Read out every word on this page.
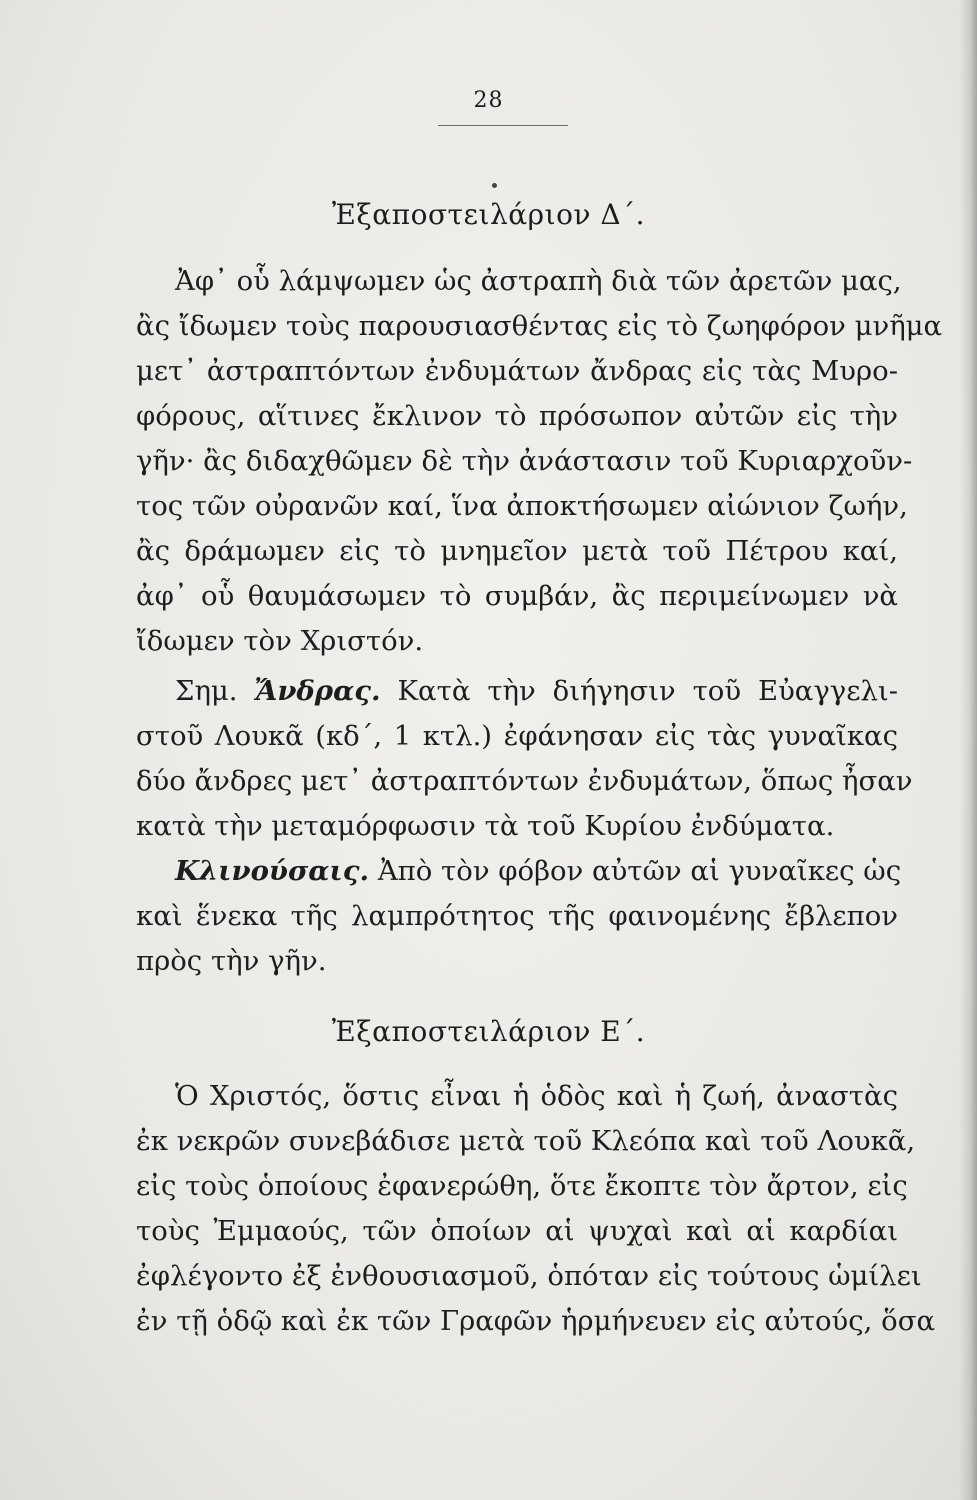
28
Ἐξαποστειλάριον Δ΄.
Ἀφ᾽ οὗ λάμψωμεν ὡς ἀστραπὴ διὰ τῶν ἀρετῶν μας,
ἂς ἴδωμεν τοὺς παρουσιασθέντας εἰς τὸ ζωηφόρον μνῆμα
μετ᾽ ἀστραπτόντων ἐνδυμάτων ἄνδρας εἰς τὰς Μυρο-
φόρους, αἵτινες ἔκλινον τὸ πρόσωπον αὐτῶν εἰς τὴν
γῆν· ἂς διδαχθῶμεν δὲ τὴν ἀνάστασιν τοῦ Κυριαρχοῦν-
τος τῶν οὐρανῶν καί, ἵνα ἀποκτήσωμεν αἰώνιον ζωήν,
ἂς δράμωμεν εἰς τὸ μνημεῖον μετὰ τοῦ Πέτρου καί,
ἀφ᾽ οὗ θαυμάσωμεν τὸ συμβάν, ἂς περιμείνωμεν νὰ
ἴδωμεν τὸν Χριστόν.
Σημ. Ἄνδρας. Κατὰ τὴν διήγησιν τοῦ Εὐαγγελι-
στοῦ Λουκᾶ (κδ΄, 1 κτλ.) ἐφάνησαν εἰς τὰς γυναῖκας
δύο ἄνδρες μετ᾽ ἀστραπτόντων ἐνδυμάτων, ὅπως ἦσαν
κατὰ τὴν μεταμόρφωσιν τὰ τοῦ Κυρίου ἐνδύματα.
Κλινούσαις. Ἀπὸ τὸν φόβον αὐτῶν αἱ γυναῖκες ὡς
καὶ ἕνεκα τῆς λαμπρότητος τῆς φαινομένης ἔβλεπον
πρὸς τὴν γῆν.
Ἐξαποστειλάριον Ε΄.
Ὁ Χριστός, ὅστις εἶναι ἡ ὁδὸς καὶ ἡ ζωή, ἀναστὰς
ἐκ νεκρῶν συνεβάδισε μετὰ τοῦ Κλεόπα καὶ τοῦ Λουκᾶ,
εἰς τοὺς ὁποίους ἐφανερώθη, ὅτε ἔκοπτε τὸν ἄρτον, εἰς
τοὺς Ἐμμαούς, τῶν ὁποίων αἱ ψυχαὶ καὶ αἱ καρδίαι
ἐφλέγοντο ἐξ ἐνθουσιασμοῦ, ὁπόταν εἰς τούτους ὡμίλει
ἐν τῇ ὁδῷ καὶ ἐκ τῶν Γραφῶν ἡρμήνευεν εἰς αὐτούς, ὅσα
